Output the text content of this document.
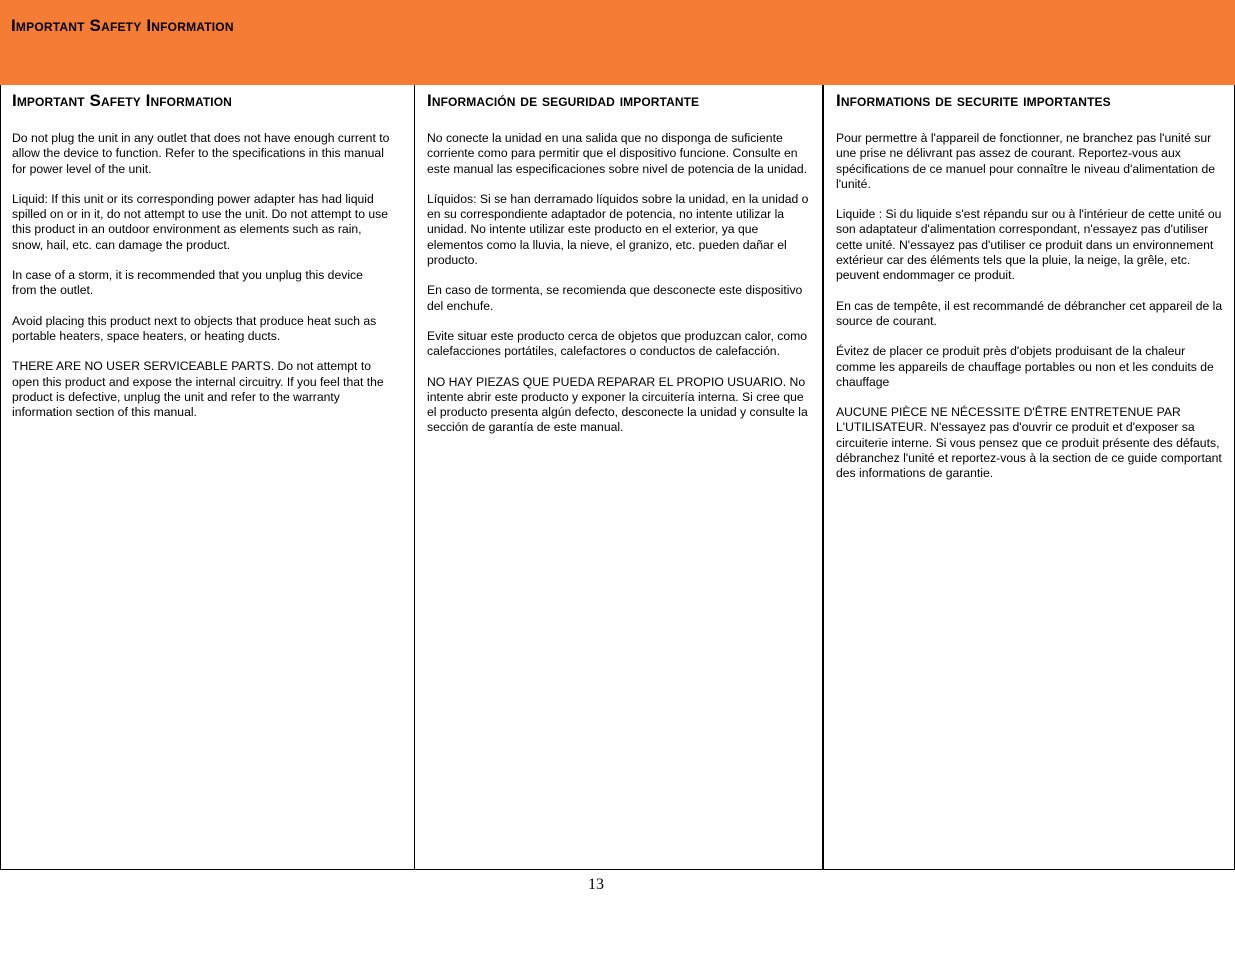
Important Safety Information
Important Safety Information

Do not plug the unit in any outlet that does not have enough current to allow the device to function. Refer to the specifications in this manual for power level of the unit.

Liquid: If this unit or its corresponding power adapter has had liquid spilled on or in it, do not attempt to use the unit. Do not attempt to use this product in an outdoor environment as elements such as rain, snow, hail, etc. can damage the product.

In case of a storm, it is recommended that you unplug this device from the outlet.

Avoid placing this product next to objects that produce heat such as portable heaters, space heaters, or heating ducts.

THERE ARE NO USER SERVICEABLE PARTS. Do not attempt to open this product and expose the internal circuitry. If you feel that the product is defective, unplug the unit and refer to the warranty information section of this manual.

Información de seguridad importante

No conecte la unidad en una salida que no disponga de suficiente corriente como para permitir que el dispositivo funcione. Consulte en este manual las especificaciones sobre nivel de potencia de la unidad.

Líquidos: Si se han derramado líquidos sobre la unidad, en la unidad o en su correspondiente adaptador de potencia, no intente utilizar la unidad. No intente utilizar este producto en el exterior, ya que elementos como la lluvia, la nieve, el granizo, etc. pueden dañar el producto.

En caso de tormenta, se recomienda que desconecte este dispositivo del enchufe.

Evite situar este producto cerca de objetos que produzcan calor, como calefacciones portátiles, calefactores o conductos de calefacción.

NO HAY PIEZAS QUE PUEDA REPARAR EL PROPIO USUARIO. No intente abrir este producto y exponer la circuitería interna. Si cree que el producto presenta algún defecto, desconecte la unidad y consulte la sección de garantía de este manual.

Informations de securite importantes

Pour permettre à l'appareil de fonctionner, ne branchez pas l'unité sur une prise ne délivrant pas assez de courant. Reportez-vous aux spécifications de ce manuel pour connaître le niveau d'alimentation de l'unité.

Liquide : Si du liquide s'est répandu sur ou à l'intérieur de cette unité ou son adaptateur d'alimentation correspondant, n'essayez pas d'utiliser cette unité. N'essayez pas d'utiliser ce produit dans un environnement extérieur car des éléments tels que la pluie, la neige, la grêle, etc. peuvent endommager ce produit.

En cas de tempête, il est recommandé de débrancher cet appareil de la source de courant.

Évitez de placer ce produit près d'objets produisant de la chaleur comme les appareils de chauffage portables ou non et les conduits de chauffage

AUCUNE PIÈCE NE NÉCESSITE D'ÊTRE ENTRETENUE PAR L'UTILISATEUR. N'essayez pas d'ouvrir ce produit et d'exposer sa circuiterie interne. Si vous pensez que ce produit présente des défauts, débranchez l'unité et reportez-vous à la section de ce guide comportant des informations de garantie.

13
